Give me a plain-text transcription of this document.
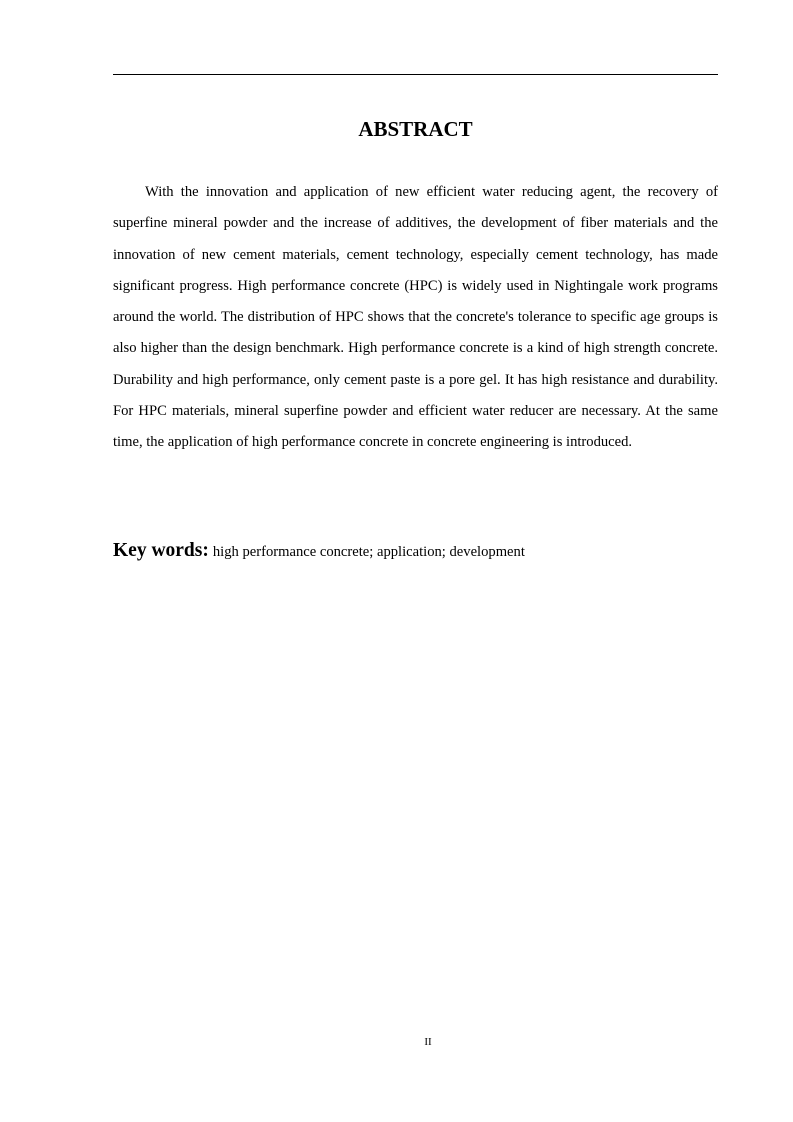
ABSTRACT

With the innovation and application of new efficient water reducing agent, the recovery of superfine mineral powder and the increase of additives, the development of fiber materials and the innovation of new cement materials, cement technology, especially cement technology, has made significant progress. High performance concrete (HPC) is widely used in Nightingale work programs around the world. The distribution of HPC shows that the concrete's tolerance to specific age groups is also higher than the design benchmark. High performance concrete is a kind of high strength concrete. Durability and high performance, only cement paste is a pore gel. It has high resistance and durability. For HPC materials, mineral superfine powder and efficient water reducer are necessary. At the same time, the application of high performance concrete in concrete engineering is introduced.

Key words: high performance concrete; application; development

II
